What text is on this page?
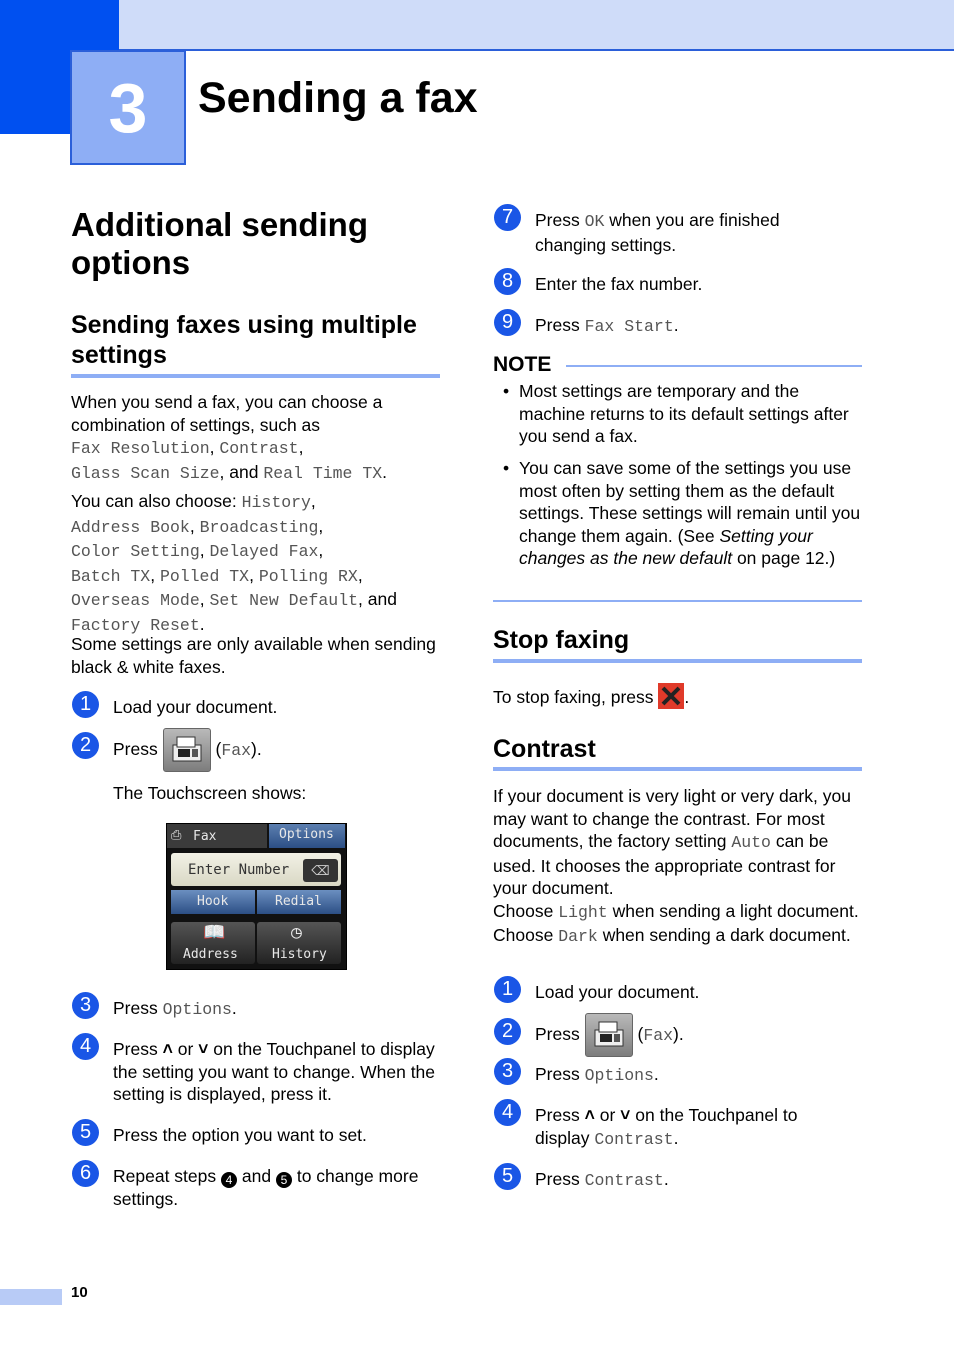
3	Sending a fax
Additional sending options
Sending faxes using multiple settings
When you send a fax, you can choose a combination of settings, such as
Fax Resolution, Contrast,
Glass Scan Size, and Real Time TX.
You can also choose: History,
Address Book, Broadcasting,
Color Setting, Delayed Fax,
Batch TX, Polled TX, Polling RX,
Overseas Mode, Set New Default, and
Factory Reset.
Some settings are only available when sending black & white faxes.
1	Load your document.
2	Press	(Fax).
The Touchscreen shows:
⎙ Fax	Options
Enter Number	⌫
Hook	Redial
📖	◷
Address	History
3	Press Options.
4	Press ˄ or ˅ on the Touchpanel to display the setting you want to change. When the setting is displayed, press it.
5	Press the option you want to set.
6	Repeat steps 4 and 5 to change more settings.
7	Press OK when you are finished changing settings.
8	Enter the fax number.
9	Press Fax Start.
NOTE
• Most settings are temporary and the machine returns to its default settings after you send a fax.
• You can save some of the settings you use most often by setting them as the default settings. These settings will remain until you change them again. (See Setting your changes as the new default on page 12.)
Stop faxing
To stop faxing, press .
Contrast
If your document is very light or very dark, you may want to change the contrast. For most documents, the factory setting Auto can be used. It chooses the appropriate contrast for your document.
Choose Light when sending a light document. Choose Dark when sending a dark document.
1	Load your document.
2	Press	(Fax).
3	Press Options.
4	Press ˄ or ˅ on the Touchpanel to display Contrast.
5	Press Contrast.
10
